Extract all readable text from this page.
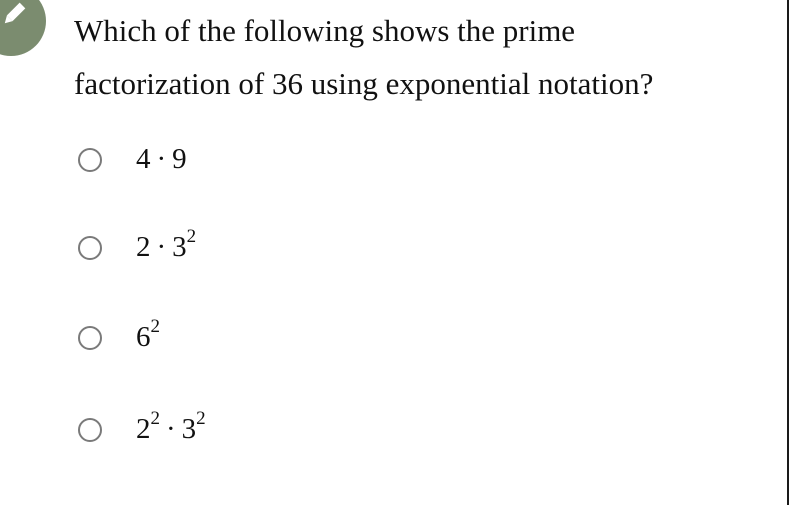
Which of the following shows the prime
factorization of 36 using exponential notation?
4 · 9
$2 \cdot 3^2$
$6^2$
$2^2 \cdot 3^2$
